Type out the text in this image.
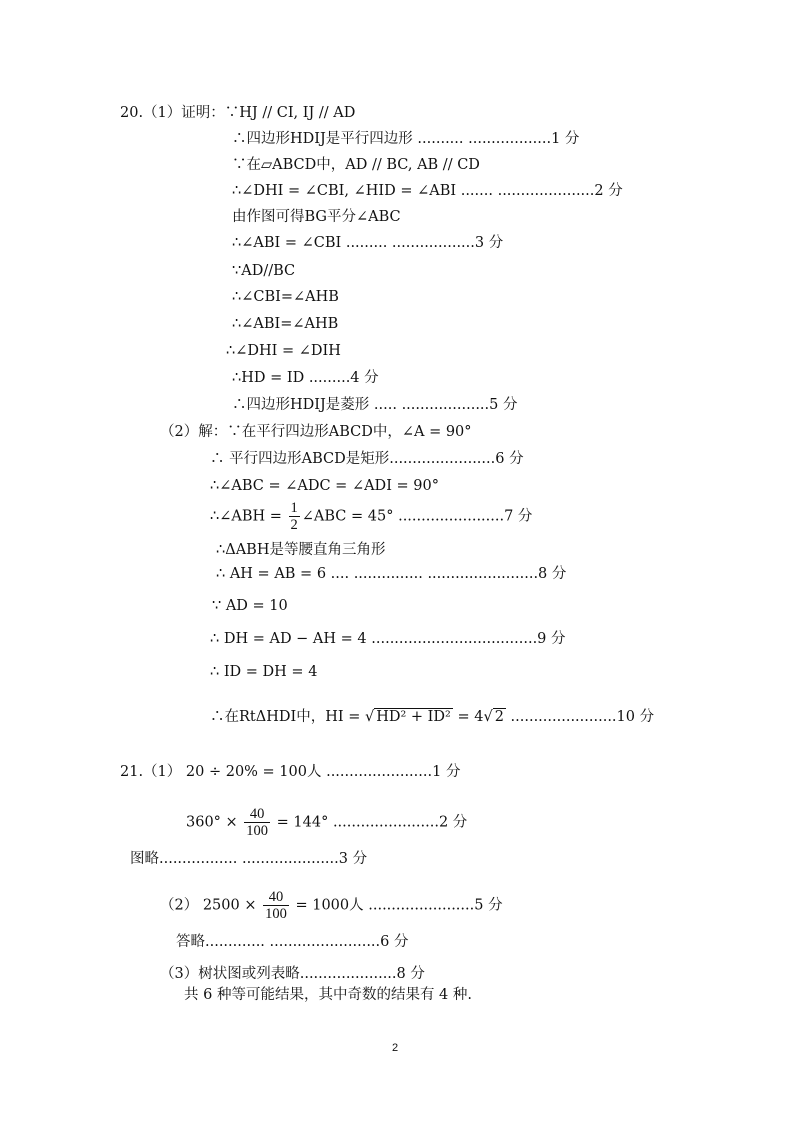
20.（1）证明：∵HJ // CI, IJ // AD
∴四边形HDIJ是平行四边形 .......... ..................1 分
∵在▱ABCD中，AD // BC, AB // CD
∴∠DHI = ∠CBI, ∠HID = ∠ABI ....... .....................2 分
由作图可得BG平分∠ABC
∴∠ABI = ∠CBI ......... ..................3 分
∵AD//BC
∴∠CBI=∠AHB
∴∠ABI=∠AHB
∴∠DHI = ∠DIH
∴HD = ID .........4 分
∴四边形HDIJ是菱形 ..... ...................5 分
（2）解：∵在平行四边形ABCD中，∠A = 90°
∴ 平行四边形ABCD是矩形.......................6 分
∴∠ABC = ∠ADC = ∠ADI = 90°
∴ΔABH是等腰直角三角形
∴ AH = AB = 6 .... ............... ........................8 分
∵ AD = 10
∴ DH = AD − AH = 4 ....................................9 分
∴ ID = DH = 4
21.（1） 20 ÷ 20% = 100人 .......................1 分
图略................. .....................3 分
答略............. ........................6 分
（3）树状图或列表略.....................8 分
共 6 种等可能结果，其中奇数的结果有 4 种.
∴∠ABH = $\frac{1}{2}$ ∠ABC = 45° .......................7 分
∴在RtΔHDI中，HI = √ HD² + ID² = 4√ 2 .......................10 分
$360^\circ \times \frac{40}{100} = 144^\circ$ .......................2 分
（2） $2500 \times \frac{40}{100} = 1000$人 .......................5 分
2
